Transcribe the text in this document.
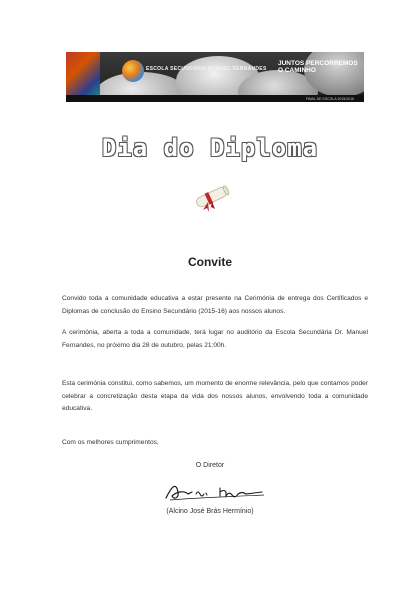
ESCOLA SECUNDÁRIA MANUEL FERNANDES
JUNTOS PERCORREMOS O CAMINHO
FINAL DE ESCOLA 2015/2016
Dia do Diploma
Convite
Convido toda a comunidade educativa a estar presente na Cerimónia de entrega dos Certificados e Diplomas de conclusão do Ensino Secundário (2015-16) aos nossos alunos.
A cerimónia, aberta a toda a comunidade, terá lugar no auditório da Escola Secundária Dr. Manuel Fernandes, no próximo dia 28 de outubro, pelas 21:00h.
Esta cerimónia constitui, como sabemos, um momento de enorme relevância, pelo que contamos poder celebrar a concretização desta etapa da vida dos nossos alunos, envolvendo toda a comunidade educativa.
Com os melhores cumprimentos,
O Diretor
(Alcino José Brás Hermínio)
